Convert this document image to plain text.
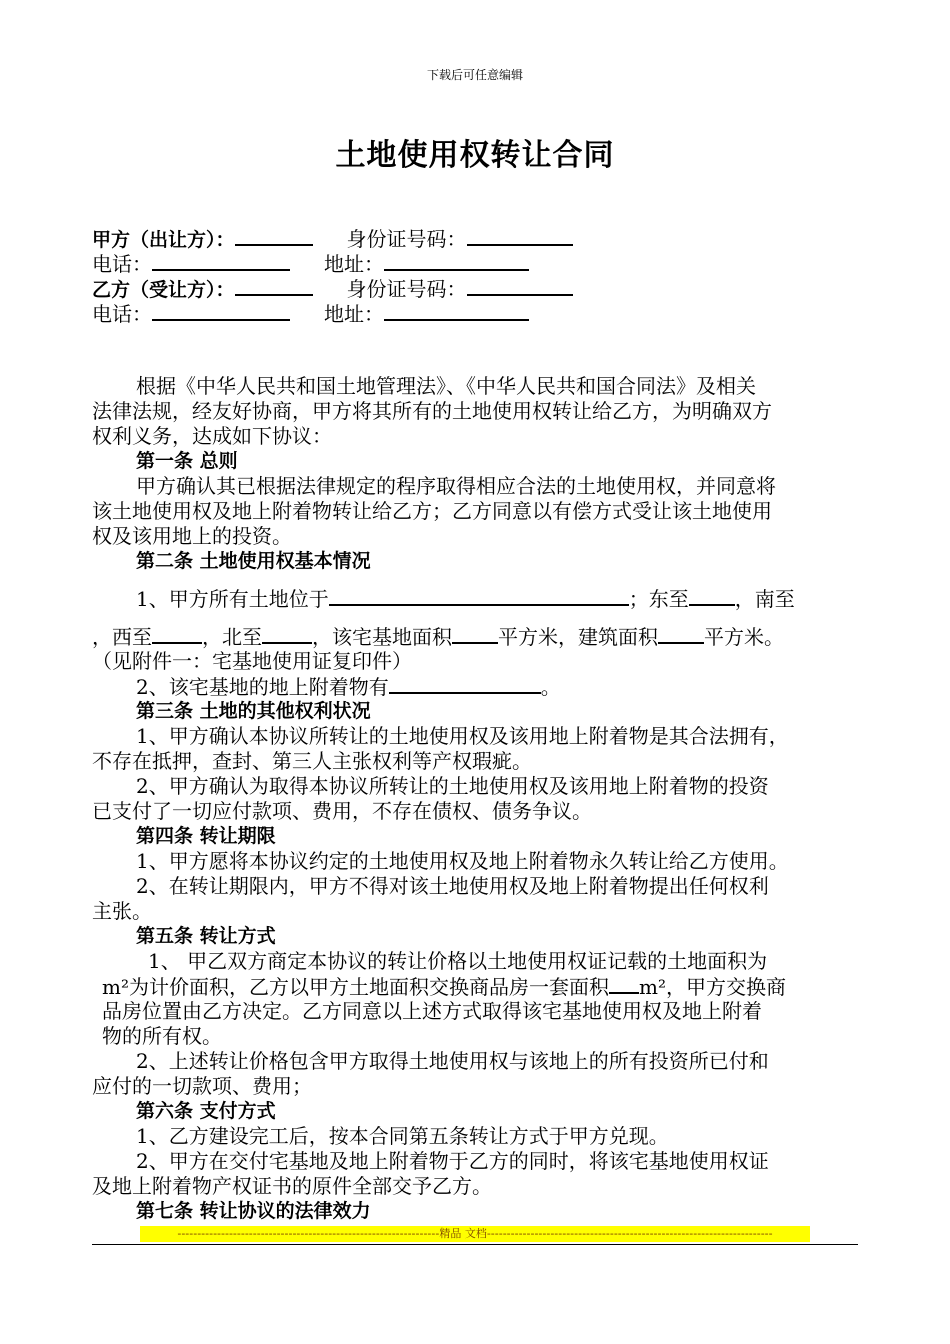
下载后可任意编辑
土地使用权转让合同
甲方（出让方）：	身份证号码：
电话：	地址：
乙方（受让方）：	身份证号码：
电话：	地址：
根据《中华人民共和国土地管理法》、《中华人民共和国合同法》及相关
法律法规，经友好协商，甲方将其所有的土地使用权转让给乙方，为明确双方
权利义务，达成如下协议：
第一条 总则
甲方确认其已根据法律规定的程序取得相应合法的土地使用权，并同意将
该土地使用权及地上附着物转让给乙方；乙方同意以有偿方式受让该土地使用
权及该用地上的投资。
第二条 土地使用权基本情况
1、甲方所有土地位于	；东至 ，南至
，西至	，北至	，该宅基地面积 平方米，建筑面积 平方米。
（见附件一：宅基地使用证复印件）
2、该宅基地的地上附着物有	。
第三条 土地的其他权利状况
1、甲方确认本协议所转让的土地使用权及该用地上附着物是其合法拥有，
不存在抵押，查封、第三人主张权利等产权瑕疵。
2、甲方确认为取得本协议所转让的土地使用权及该用地上附着物的投资
已支付了一切应付款项、费用，不存在债权、债务争议。
第四条 转让期限
1、甲方愿将本协议约定的土地使用权及地上附着物永久转让给乙方使用。
2、在转让期限内，甲方不得对该土地使用权及地上附着物提出任何权利
主张。
第五条 转让方式
1、 甲乙双方商定本协议的转让价格以土地使用权证记载的土地面积为
m²为计价面积，乙方以甲方土地面积交换商品房一套面积 m²，甲方交换商
品房位置由乙方决定。乙方同意以上述方式取得该宅基地使用权及地上附着
物的所有权。
2、上述转让价格包含甲方取得土地使用权与该地上的所有投资所已付和
应付的一切款项、费用；
第六条 支付方式
1、乙方建设完工后，按本合同第五条转让方式于甲方兑现。
2、甲方在交付宅基地及地上附着物于乙方的同时，将该宅基地使用权证
及地上附着物产权证书的原件全部交予乙方。
第七条 转让协议的法律效力
------------------------------------------------------------------精品 文档------------------------------------------------------------------------
